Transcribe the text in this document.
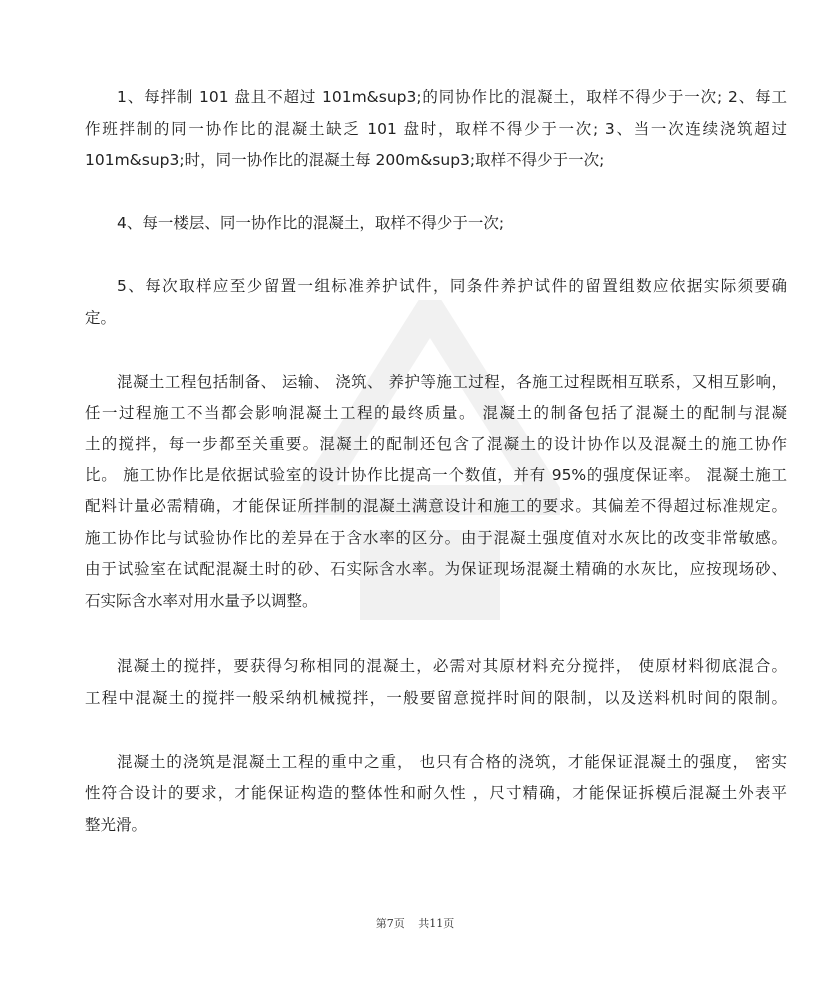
1、每拌制 101 盘且不超过 101m&sup3;的同协作比的混凝土，取样不得少于一次; 2、每工
作班拌制的同一协作比的混凝土缺乏 101 盘时，取样不得少于一次; 3、当一次连续浇筑超过
101m&sup3;时，同一协作比的混凝土每 200m&sup3;取样不得少于一次;
4、每一楼层、同一协作比的混凝土，取样不得少于一次;
5、每次取样应至少留置一组标准养护试件，同条件养护试件的留置组数应依据实际须要确
定。
混凝土工程包括制备、 运输、 浇筑、 养护等施工过程，各施工过程既相互联系，又相互影响，
任一过程施工不当都会影响混凝土工程的最终质量。 混凝土的制备包括了混凝土的配制与混凝
土的搅拌，每一步都至关重要。混凝土的配制还包含了混凝土的设计协作以及混凝土的施工协作
比。 施工协作比是依据试验室的设计协作比提高一个数值，并有 95%的强度保证率。 混凝土施工
配料计量必需精确，才能保证所拌制的混凝土满意设计和施工的要求。其偏差不得超过标准规定。
施工协作比与试验协作比的差异在于含水率的区分。由于混凝土强度值对水灰比的改变非常敏感。
由于试验室在试配混凝土时的砂、石实际含水率。为保证现场混凝土精确的水灰比，应按现场砂、
石实际含水率对用水量予以调整。
混凝土的搅拌，要获得匀称相同的混凝土，必需对其原材料充分搅拌， 使原材料彻底混合。
工程中混凝土的搅拌一般采纳机械搅拌，一般要留意搅拌时间的限制，以及送料机时间的限制。
混凝土的浇筑是混凝土工程的重中之重， 也只有合格的浇筑，才能保证混凝土的强度， 密实
性符合设计的要求，才能保证构造的整体性和耐久性 ，尺寸精确，才能保证拆模后混凝土外表平
整光滑。
第7页 共11页
